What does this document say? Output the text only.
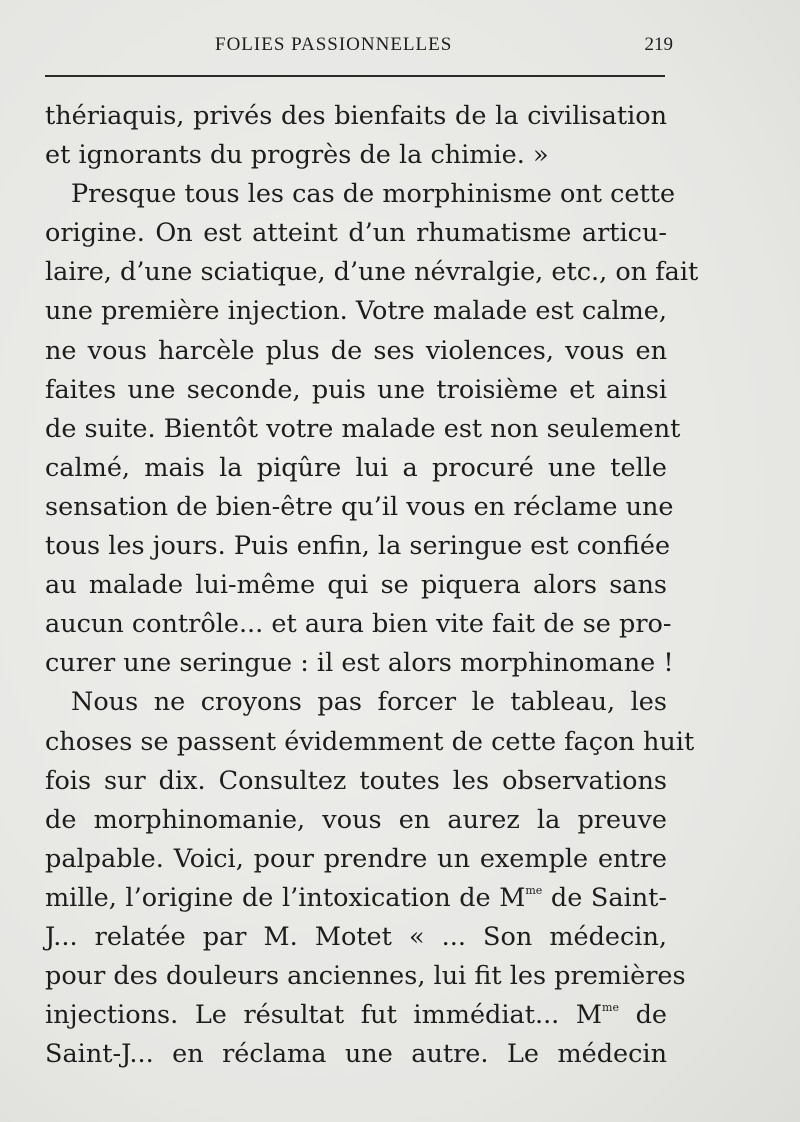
FOLIES PASSIONNELLES	219
thériaquis, privés des bienfaits de la civilisation
et ignorants du progrès de la chimie. »
Presque tous les cas de morphinisme ont cette
origine. On est atteint d’un rhumatisme articu-
laire, d’une sciatique, d’une névralgie, etc., on fait
une première injection. Votre malade est calme,
ne vous harcèle plus de ses violences, vous en
faites une seconde, puis une troisième et ainsi
de suite. Bientôt votre malade est non seulement
calmé, mais la piqûre lui a procuré une telle
sensation de bien-être qu’il vous en réclame une
tous les jours. Puis enfin, la seringue est confiée
au malade lui-même qui se piquera alors sans
aucun contrôle... et aura bien vite fait de se pro-
curer une seringue : il est alors morphinomane !
Nous ne croyons pas forcer le tableau, les
choses se passent évidemment de cette façon huit
fois sur dix. Consultez toutes les observations
de morphinomanie, vous en aurez la preuve
palpable. Voici, pour prendre un exemple entre
mille, l’origine de l’intoxication de $M^{me}$ de Saint-
J... relatée par M. Motet « ... Son médecin,
pour des douleurs anciennes, lui fit les premières
injections. Le résultat fut immédiat... $M^{me}$ de
Saint-J... en réclama une autre. Le médecin
